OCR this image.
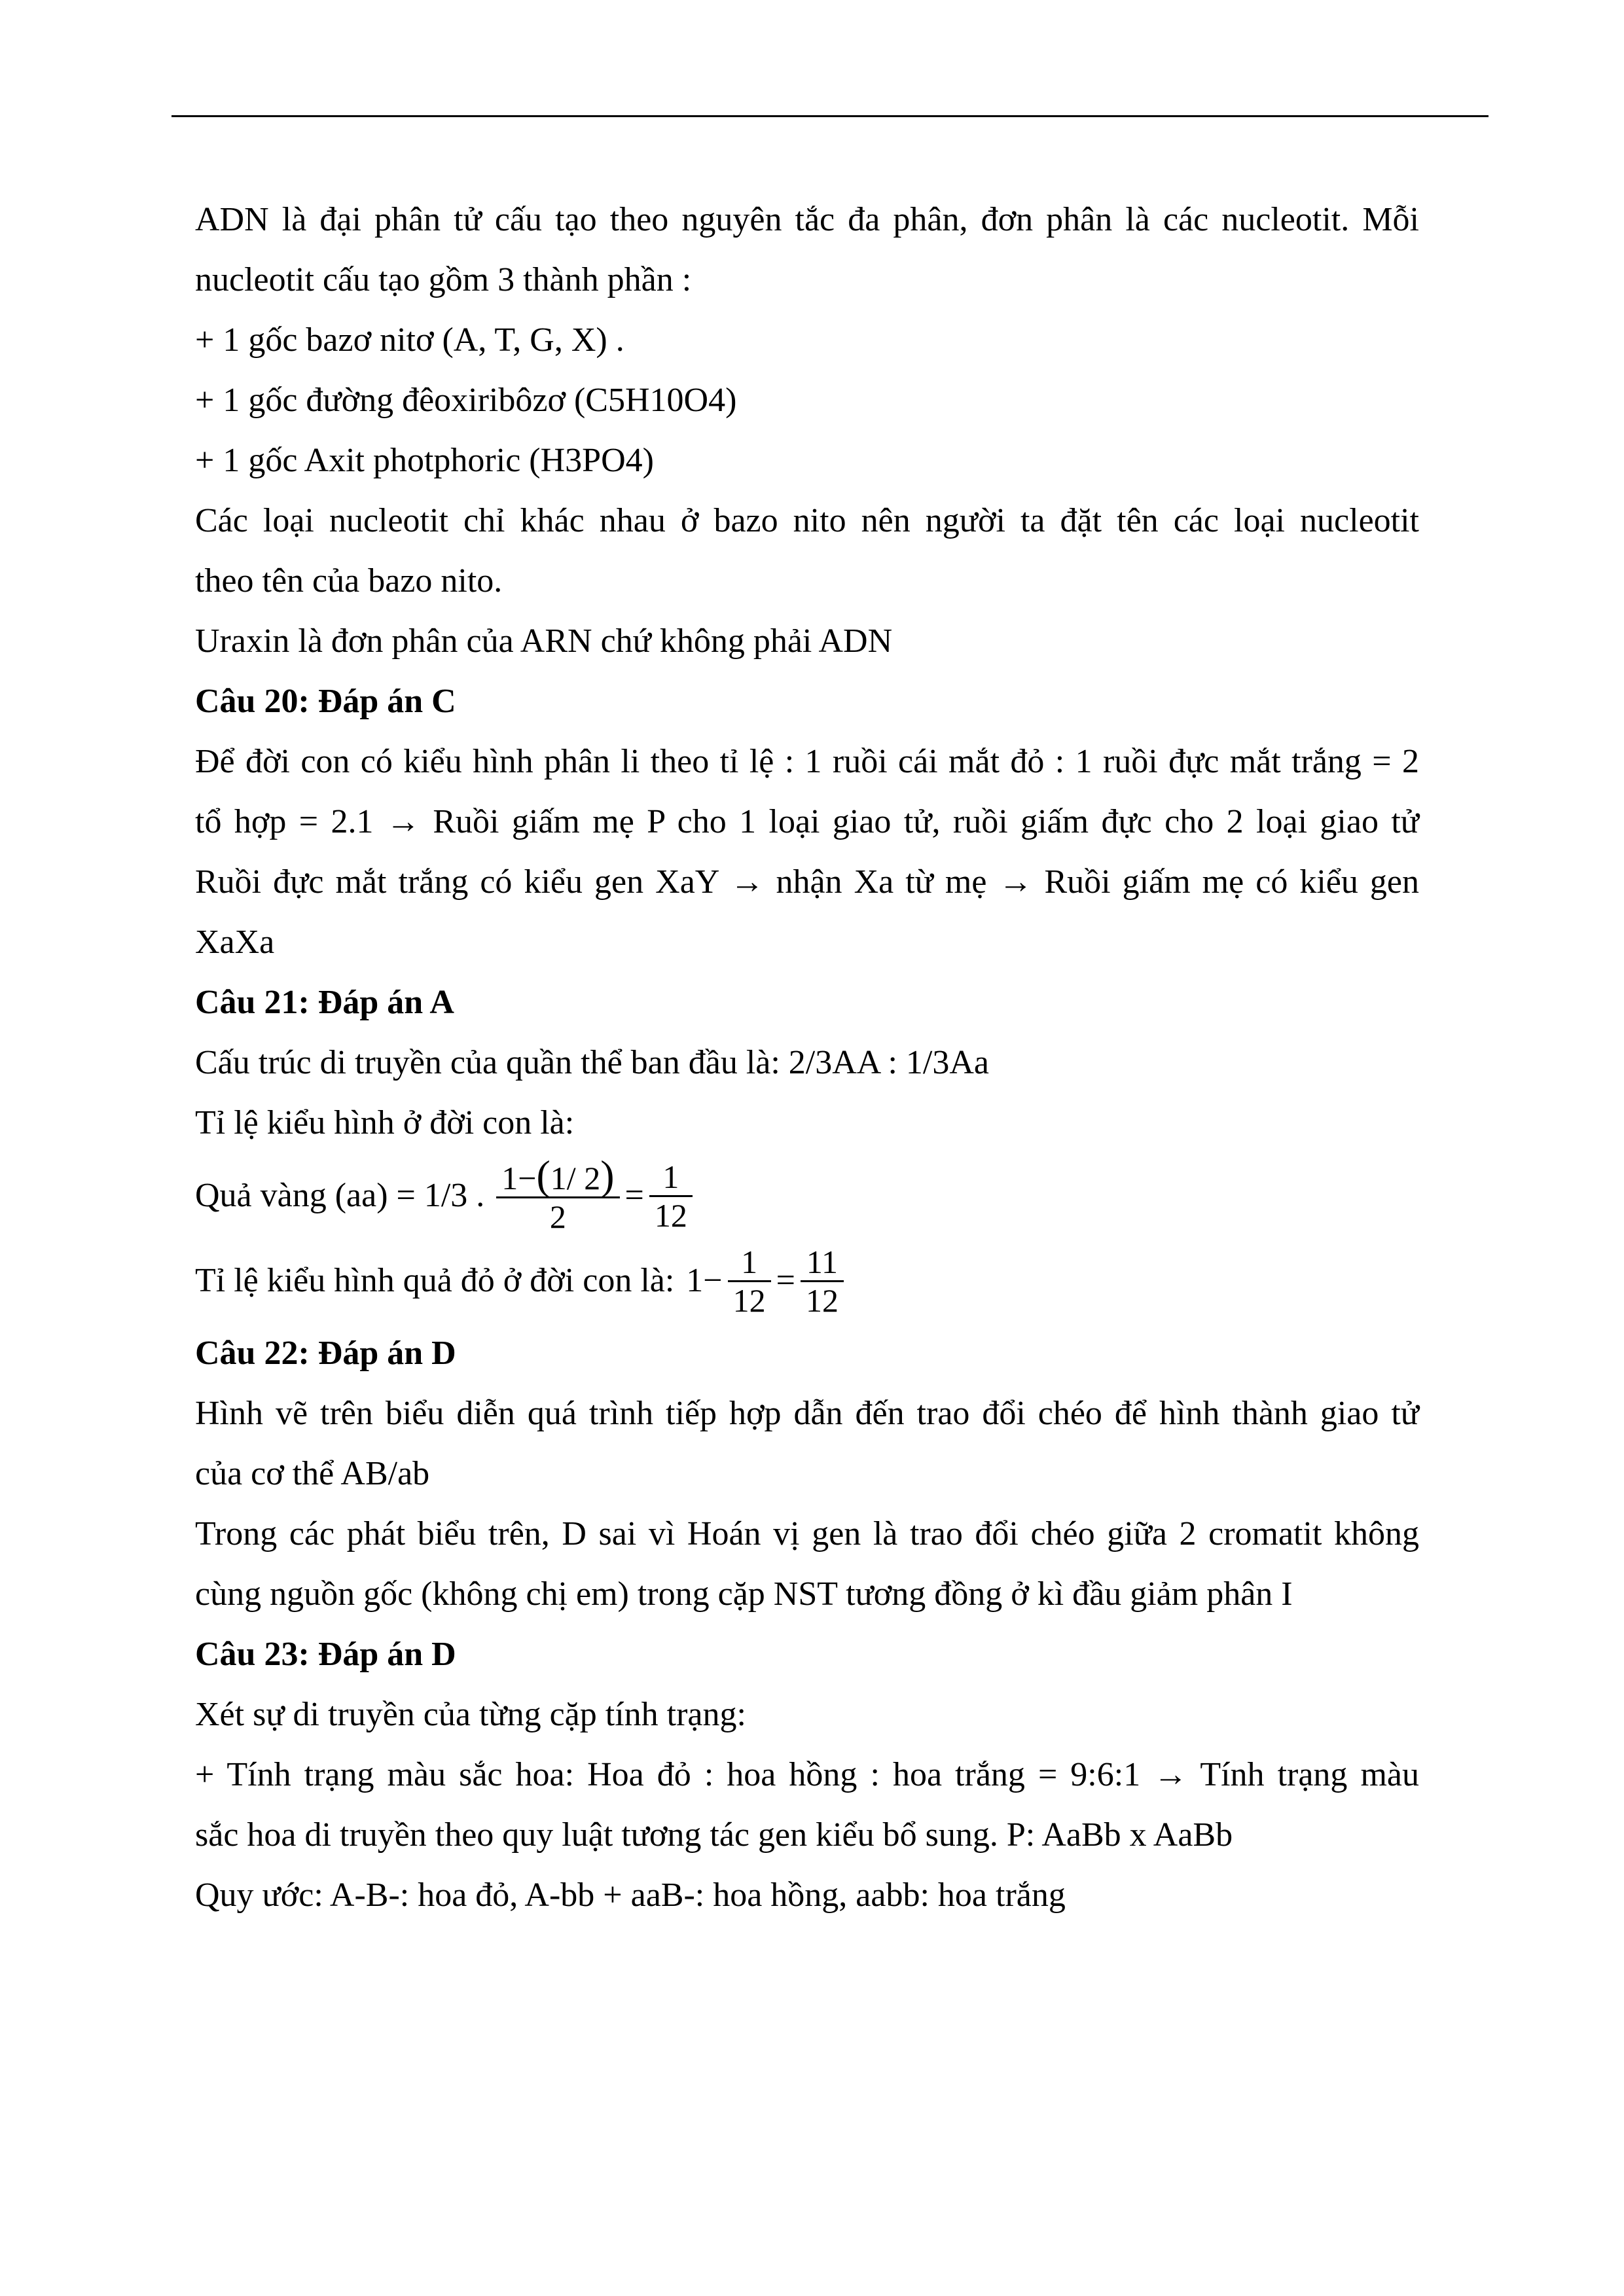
ADN là đại phân tử cấu tạo theo nguyên tắc đa phân, đơn phân là các nucleotit. Mỗi
nucleotit cấu tạo gồm 3 thành phần :
+ 1 gốc bazơ nitơ (A, T, G, X) .
+ 1 gốc đường đêoxiribôzơ (C5H10O4)
+ 1 gốc Axit photphoric (H3PO4)
Các loại nucleotit chỉ khác nhau ở bazo nito nên người ta đặt tên các loại nucleotit
theo tên của bazo nito.
Uraxin là đơn phân của ARN chứ không phải ADN
Câu 20: Đáp án C
Để đời con có kiểu hình phân li theo tỉ lệ : 1 ruồi cái mắt đỏ : 1 ruồi đực mắt trắng = 2
tổ hợp = 2.1 → Ruồi giấm mẹ P cho 1 loại giao tử, ruồi giấm đực cho 2 loại giao tử
Ruồi đực mắt trắng có kiểu gen XaY → nhận Xa từ mẹ → Ruồi giấm mẹ có kiểu gen
XaXa
Câu 21: Đáp án A
Cấu trúc di truyền của quần thể ban đầu là: 2/3AA : 1/3Aa
Tỉ lệ kiểu hình ở đời con là:
Quả vàng (aa) = 1/3 . $\frac{1-(1/ 2)}{2} = \frac{1}{12}$
Tỉ lệ kiểu hình quả đỏ ở đời con là: $1- \frac{1}{12} = \frac{11}{12}$
Câu 22: Đáp án D
Hình vẽ trên biểu diễn quá trình tiếp hợp dẫn đến trao đổi chéo để hình thành giao tử
của cơ thể AB/ab
Trong các phát biểu trên, D sai vì Hoán vị gen là trao đổi chéo giữa 2 cromatit không
cùng nguồn gốc (không chị em) trong cặp NST tương đồng ở kì đầu giảm phân I
Câu 23: Đáp án D
Xét sự di truyền của từng cặp tính trạng:
+ Tính trạng màu sắc hoa: Hoa đỏ : hoa hồng : hoa trắng = 9:6:1 → Tính trạng màu
sắc hoa di truyền theo quy luật tương tác gen kiểu bổ sung. P: AaBb x AaBb
Quy ước: A-B-: hoa đỏ, A-bb + aaB-: hoa hồng, aabb: hoa trắng
